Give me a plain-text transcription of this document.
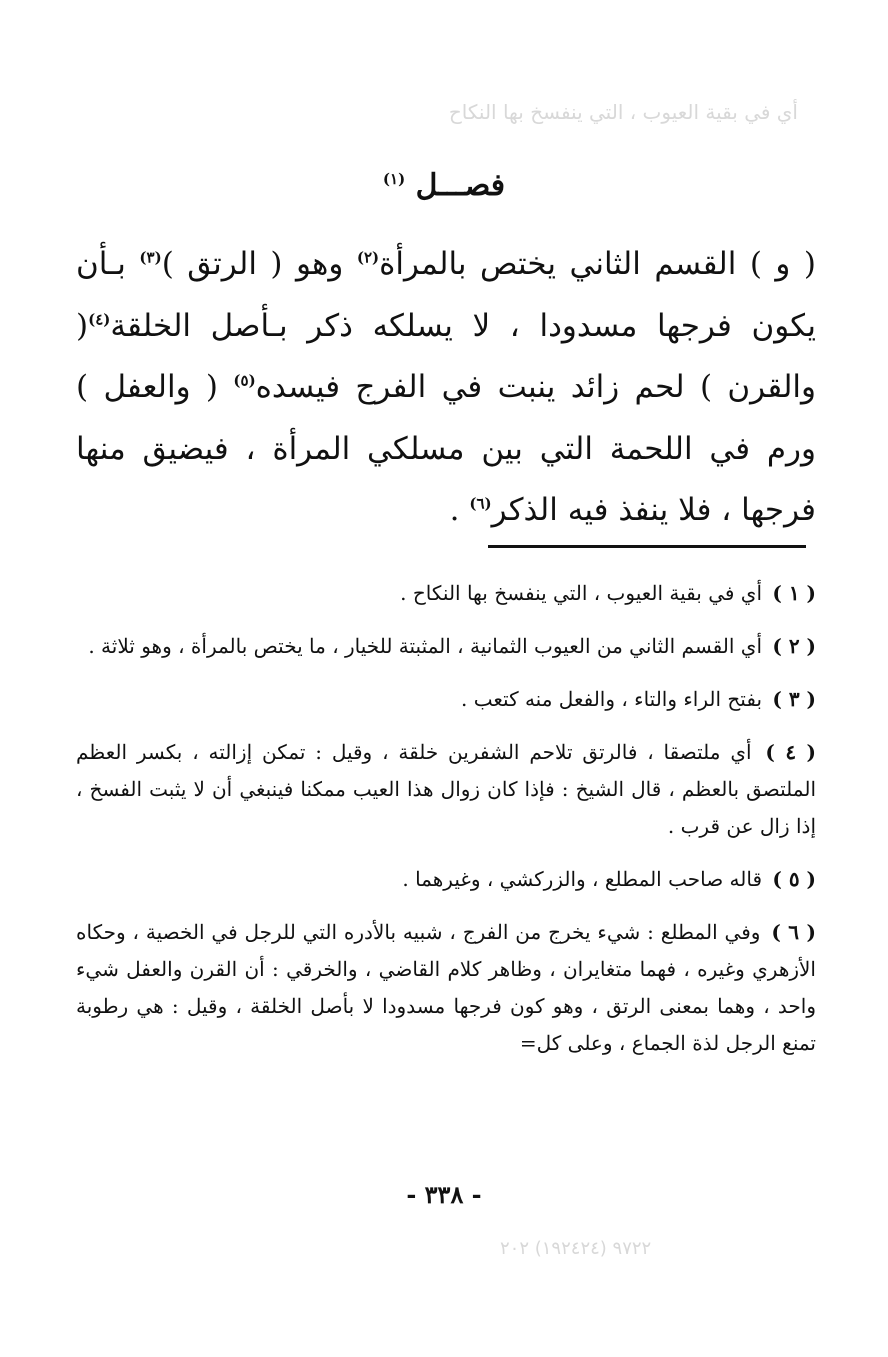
أي في بقية العيوب ، التي ينفسخ بها النكاح
٩٧٢٢ (١٩٢٤٢٤) ٢٠٢
فصـــل $^{(١)}$

( و ) القسم الثاني يختص بالمرأة$^{(٢)}$ وهو ( الرتق )$^{(٣)}$ بـأن يكون فرجها مسدودا ، لا يسلكه ذكر بـأصل الخلقة$^{(٤)}$( والقرن ) لحم زائد ينبت في الفرج فيسده$^{(٥)}$ ( والعفل ) ورم في اللحمة التي بين مسلكي المرأة ، فيضيق منها فرجها ، فلا ينفذ فيه الذكر$^{(٦)}$ .

( ١ ) أي في بقية العيوب ، التي ينفسخ بها النكاح .

( ٢ ) أي القسم الثاني من العيوب الثمانية ، المثبتة للخيار ، ما يختص بالمرأة ، وهو ثلاثة .

( ٣ ) بفتح الراء والتاء ، والفعل منه كتعب .

( ٤ ) أي ملتصقا ، فالرتق تلاحم الشفرين خلقة ، وقيل : تمكن إزالته ، بكسر العظم الملتصق بالعظم ، قال الشيخ : فإذا كان زوال هذا العيب ممكنا فينبغي أن لا يثبت الفسخ ، إذا زال عن قرب .

( ٥ ) قاله صاحب المطلع ، والزركشي ، وغيرهما .

( ٦ ) وفي المطلع : شيء يخرج من الفرج ، شبيه بالأدره التي للرجل في الخصية ، وحكاه الأزهري وغيره ، فهما متغايران ، وظاهر كلام القاضي ، والخرقي : أن القرن والعفل شيء واحد ، وهما بمعنى الرتق ، وهو كون فرجها مسدودا لا بأصل الخلقة ، وقيل : هي رطوبة تمنع الرجل لذة الجماع ، وعلى كل=

- ٣٣٨ -
